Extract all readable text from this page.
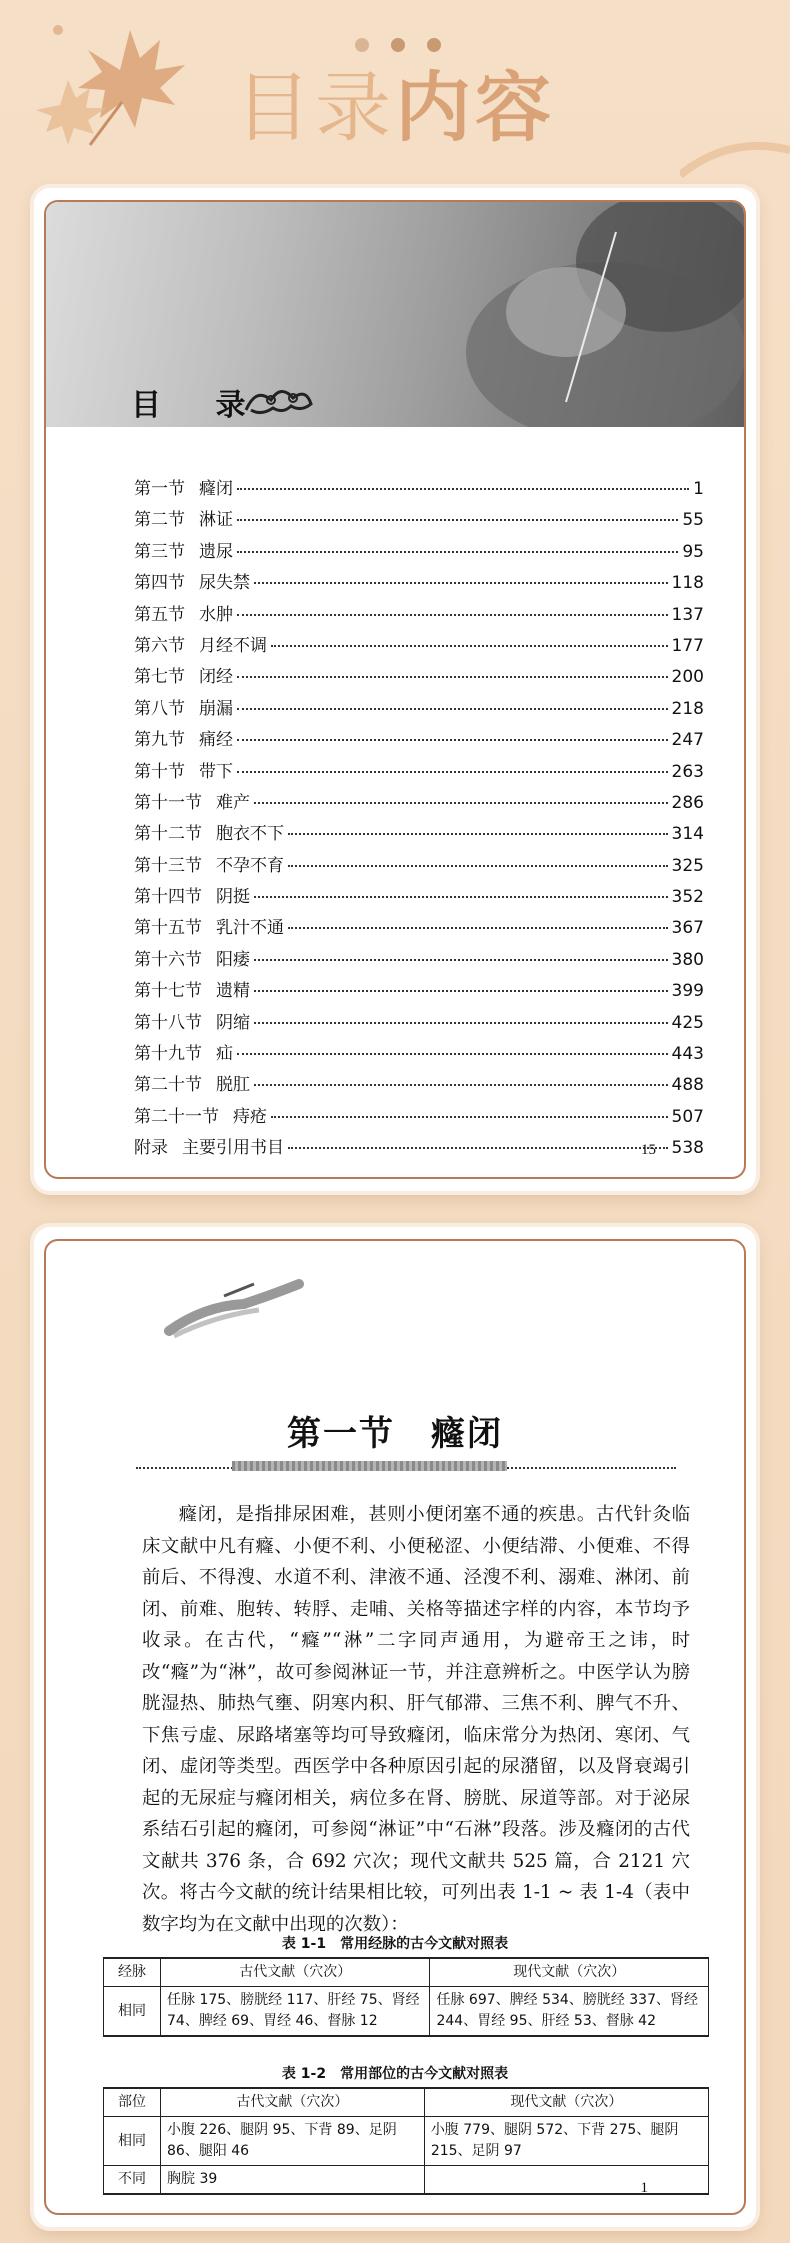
目录内容
目 录
第一节 癃闭	1
第二节 淋证	55
第三节 遗尿	95
第四节 尿失禁	118
第五节 水肿	137
第六节 月经不调	177
第七节 闭经	200
第八节 崩漏	218
第九节 痛经	247
第十节 带下	263
第十一节 难产	286
第十二节 胞衣不下	314
第十三节 不孕不育	325
第十四节 阴挺	352
第十五节 乳汁不通	367
第十六节 阳痿	380
第十七节 遗精	399
第十八节 阴缩	425
第十九节 疝	443
第二十节 脱肛	488
第二十一节 痔疮	507
附录 主要引用书目	538
15
第一节　癃闭

癃闭，是指排尿困难，甚则小便闭塞不通的疾患。古代针灸临床文献中凡有癃、小便不利、小便秘涩、小便结滞、小便难、不得前后、不得溲、水道不利、津液不通、泾溲不利、溺难、淋闭、前闭、前难、胞转、转脬、走哺、关格等描述字样的内容，本节均予收录。在古代，“癃”“淋”二字同声通用，为避帝王之讳，时改“癃”为“淋”，故可参阅淋证一节，并注意辨析之。中医学认为膀胱湿热、肺热气壅、阴寒内积、肝气郁滞、三焦不利、脾气不升、下焦亏虚、尿路堵塞等均可导致癃闭，临床常分为热闭、寒闭、气闭、虚闭等类型。西医学中各种原因引起的尿潴留，以及肾衰竭引起的无尿症与癃闭相关，病位多在肾、膀胱、尿道等部。对于泌尿系结石引起的癃闭，可参阅“淋证”中“石淋”段落。涉及癃闭的古代文献共 376 条，合 692 穴次；现代文献共 525 篇，合 2121 穴次。将古今文献的统计结果相比较，可列出表 1-1 ~ 表 1-4（表中数字均为在文献中出现的次数）：

表 1-1　常用经脉的古今文献对照表
经脉	古代文献（穴次）	现代文献（穴次）
相同	任脉 175、膀胱经 117、肝经 75、肾经 74、脾经 69、胃经 46、督脉 12	任脉 697、脾经 534、膀胱经 337、肾经 244、胃经 95、肝经 53、督脉 42
表 1-2　常用部位的古今文献对照表
部位	古代文献（穴次）	现代文献（穴次）
相同	小腹 226、腿阴 95、下背 89、足阴 86、腿阳 46	小腹 779、腿阴 572、下背 275、腿阴 215、足阴 97
不同	胸脘 39	
1
